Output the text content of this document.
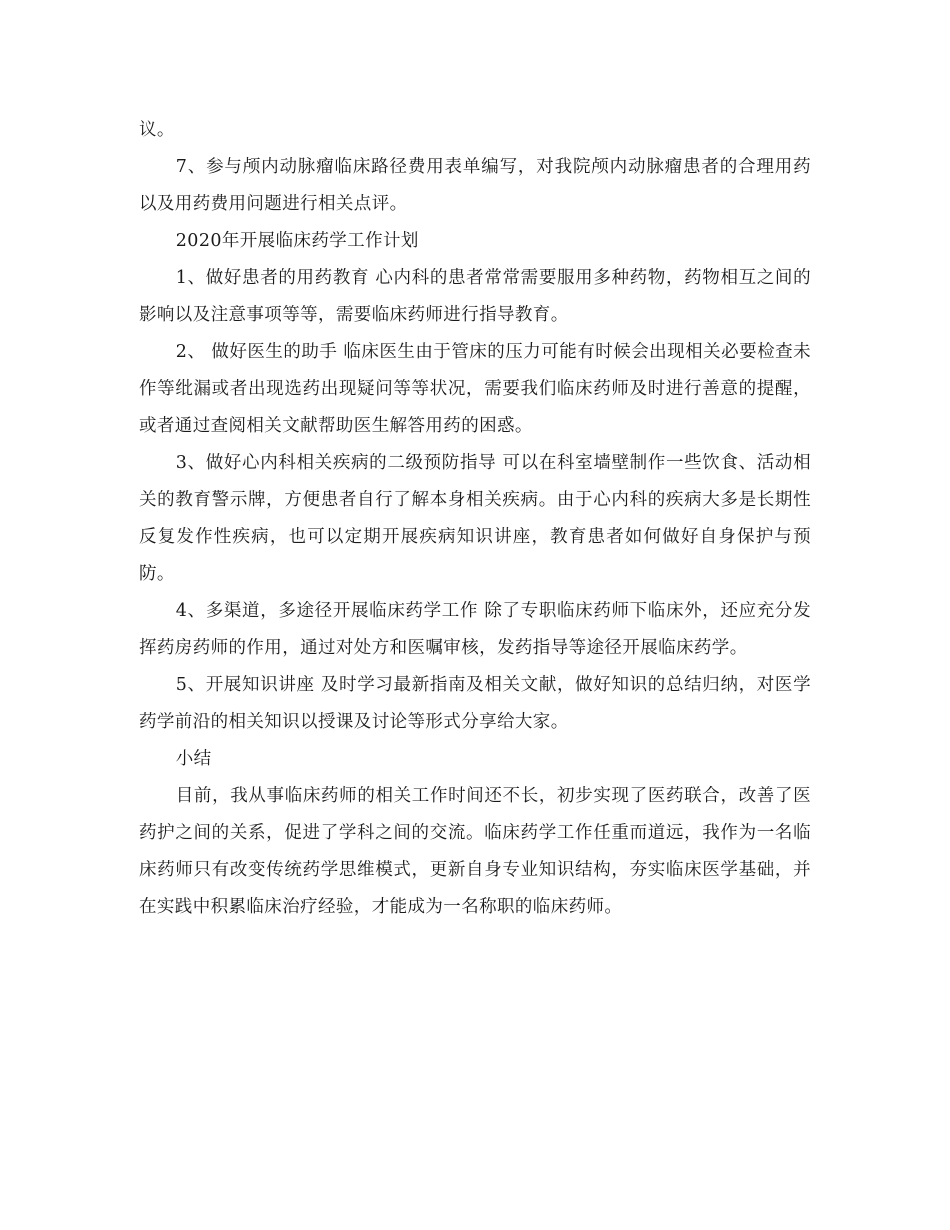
议。

7、参与颅内动脉瘤临床路径费用表单编写，对我院颅内动脉瘤患者的合理用药以及用药费用问题进行相关点评。

2020年开展临床药学工作计划

1、做好患者的用药教育 心内科的患者常常需要服用多种药物，药物相互之间的影响以及注意事项等等，需要临床药师进行指导教育。

2、 做好医生的助手 临床医生由于管床的压力可能有时候会出现相关必要检查未作等纰漏或者出现选药出现疑问等等状况，需要我们临床药师及时进行善意的提醒，或者通过查阅相关文献帮助医生解答用药的困惑。

3、做好心内科相关疾病的二级预防指导 可以在科室墙壁制作一些饮食、活动相关的教育警示牌，方便患者自行了解本身相关疾病。由于心内科的疾病大多是长期性反复发作性疾病，也可以定期开展疾病知识讲座，教育患者如何做好自身保护与预防。

4、多渠道，多途径开展临床药学工作 除了专职临床药师下临床外，还应充分发挥药房药师的作用，通过对处方和医嘱审核，发药指导等途径开展临床药学。

5、开展知识讲座 及时学习最新指南及相关文献，做好知识的总结归纳，对医学药学前沿的相关知识以授课及讨论等形式分享给大家。

小结

目前，我从事临床药师的相关工作时间还不长，初步实现了医药联合，改善了医药护之间的关系，促进了学科之间的交流。临床药学工作任重而道远，我作为一名临床药师只有改变传统药学思维模式，更新自身专业知识结构，夯实临床医学基础，并在实践中积累临床治疗经验，才能成为一名称职的临床药师。
